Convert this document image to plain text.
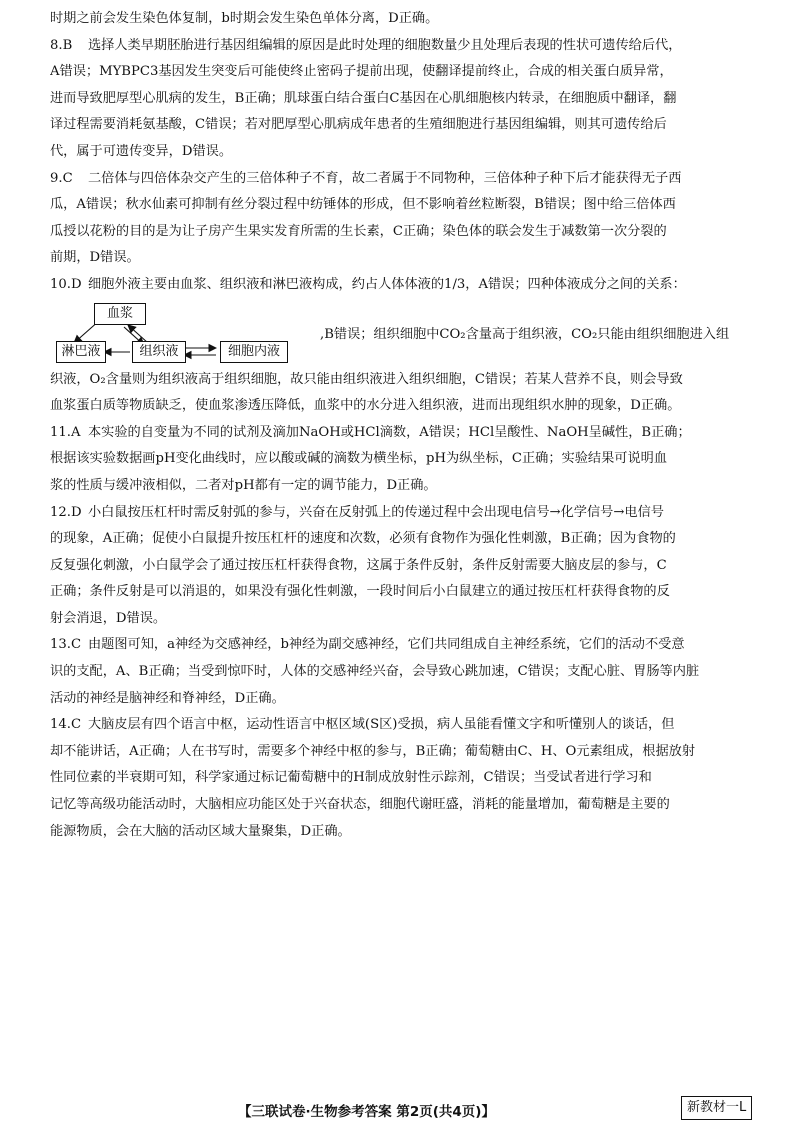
时期之前会发生染色体复制，b时期会发生染色单体分离，D正确。
8.B 选择人类早期胚胎进行基因组编辑的原因是此时处理的细胞数量少且处理后表现的性状可遗传给后代，
A错误；MYBPC3基因发生突变后可能使终止密码子提前出现，使翻译提前终止，合成的相关蛋白质异常，
进而导致肥厚型心肌病的发生，B正确；肌球蛋白结合蛋白C基因在心肌细胞核内转录，在细胞质中翻译，翻
译过程需要消耗氨基酸，C错误；若对肥厚型心肌病成年患者的生殖细胞进行基因组编辑，则其可遗传给后
代，属于可遗传变异，D错误。
9.C 二倍体与四倍体杂交产生的三倍体种子不育，故二者属于不同物种，三倍体种子种下后才能获得无子西
瓜，A错误；秋水仙素可抑制有丝分裂过程中纺锤体的形成，但不影响着丝粒断裂，B错误；图中给三倍体西
瓜授以花粉的目的是为让子房产生果实发育所需的生长素，C正确；染色体的联会发生于减数第一次分裂的
前期，D错误。
10.D 细胞外液主要由血浆、组织液和淋巴液构成，约占人体体液的1/3，A错误；四种体液成分之间的关系：
血浆
淋巴液	组织液	细胞内液
,B错误；组织细胞中CO₂含量高于组织液，CO₂只能由组织细胞进入组
织液，O₂含量则为组织液高于组织细胞，故只能由组织液进入组织细胞，C错误；若某人营养不良，则会导致
血浆蛋白质等物质缺乏，使血浆渗透压降低，血浆中的水分进入组织液，进而出现组织水肿的现象，D正确。
11.A 本实验的自变量为不同的试剂及滴加NaOH或HCl滴数，A错误；HCl呈酸性、NaOH呈碱性，B正确；
根据该实验数据画pH变化曲线时，应以酸或碱的滴数为横坐标，pH为纵坐标，C正确；实验结果可说明血
浆的性质与缓冲液相似，二者对pH都有一定的调节能力，D正确。
12.D 小白鼠按压杠杆时需反射弧的参与，兴奋在反射弧上的传递过程中会出现电信号→化学信号→电信号
的现象，A正确；促使小白鼠提升按压杠杆的速度和次数，必须有食物作为强化性刺激，B正确；因为食物的
反复强化刺激，小白鼠学会了通过按压杠杆获得食物，这属于条件反射，条件反射需要大脑皮层的参与，C
正确；条件反射是可以消退的，如果没有强化性刺激，一段时间后小白鼠建立的通过按压杠杆获得食物的反
射会消退，D错误。
13.C 由题图可知，a神经为交感神经，b神经为副交感神经，它们共同组成自主神经系统，它们的活动不受意
识的支配，A、B正确；当受到惊吓时，人体的交感神经兴奋，会导致心跳加速，C错误；支配心脏、胃肠等内脏
活动的神经是脑神经和脊神经，D正确。
14.C 大脑皮层有四个语言中枢，运动性语言中枢区域(S区)受损，病人虽能看懂文字和听懂别人的谈话，但
却不能讲话，A正确；人在书写时，需要多个神经中枢的参与，B正确；葡萄糖由C、H、O元素组成，根据放射
性同位素的半衰期可知，科学家通过标记葡萄糖中的H制成放射性示踪剂，C错误；当受试者进行学习和
记忆等高级功能活动时，大脑相应功能区处于兴奋状态，细胞代谢旺盛，消耗的能量增加，葡萄糖是主要的
能源物质，会在大脑的活动区域大量聚集，D正确。
【三联试卷·生物参考答案 第2页(共4页)】	新教材一L
